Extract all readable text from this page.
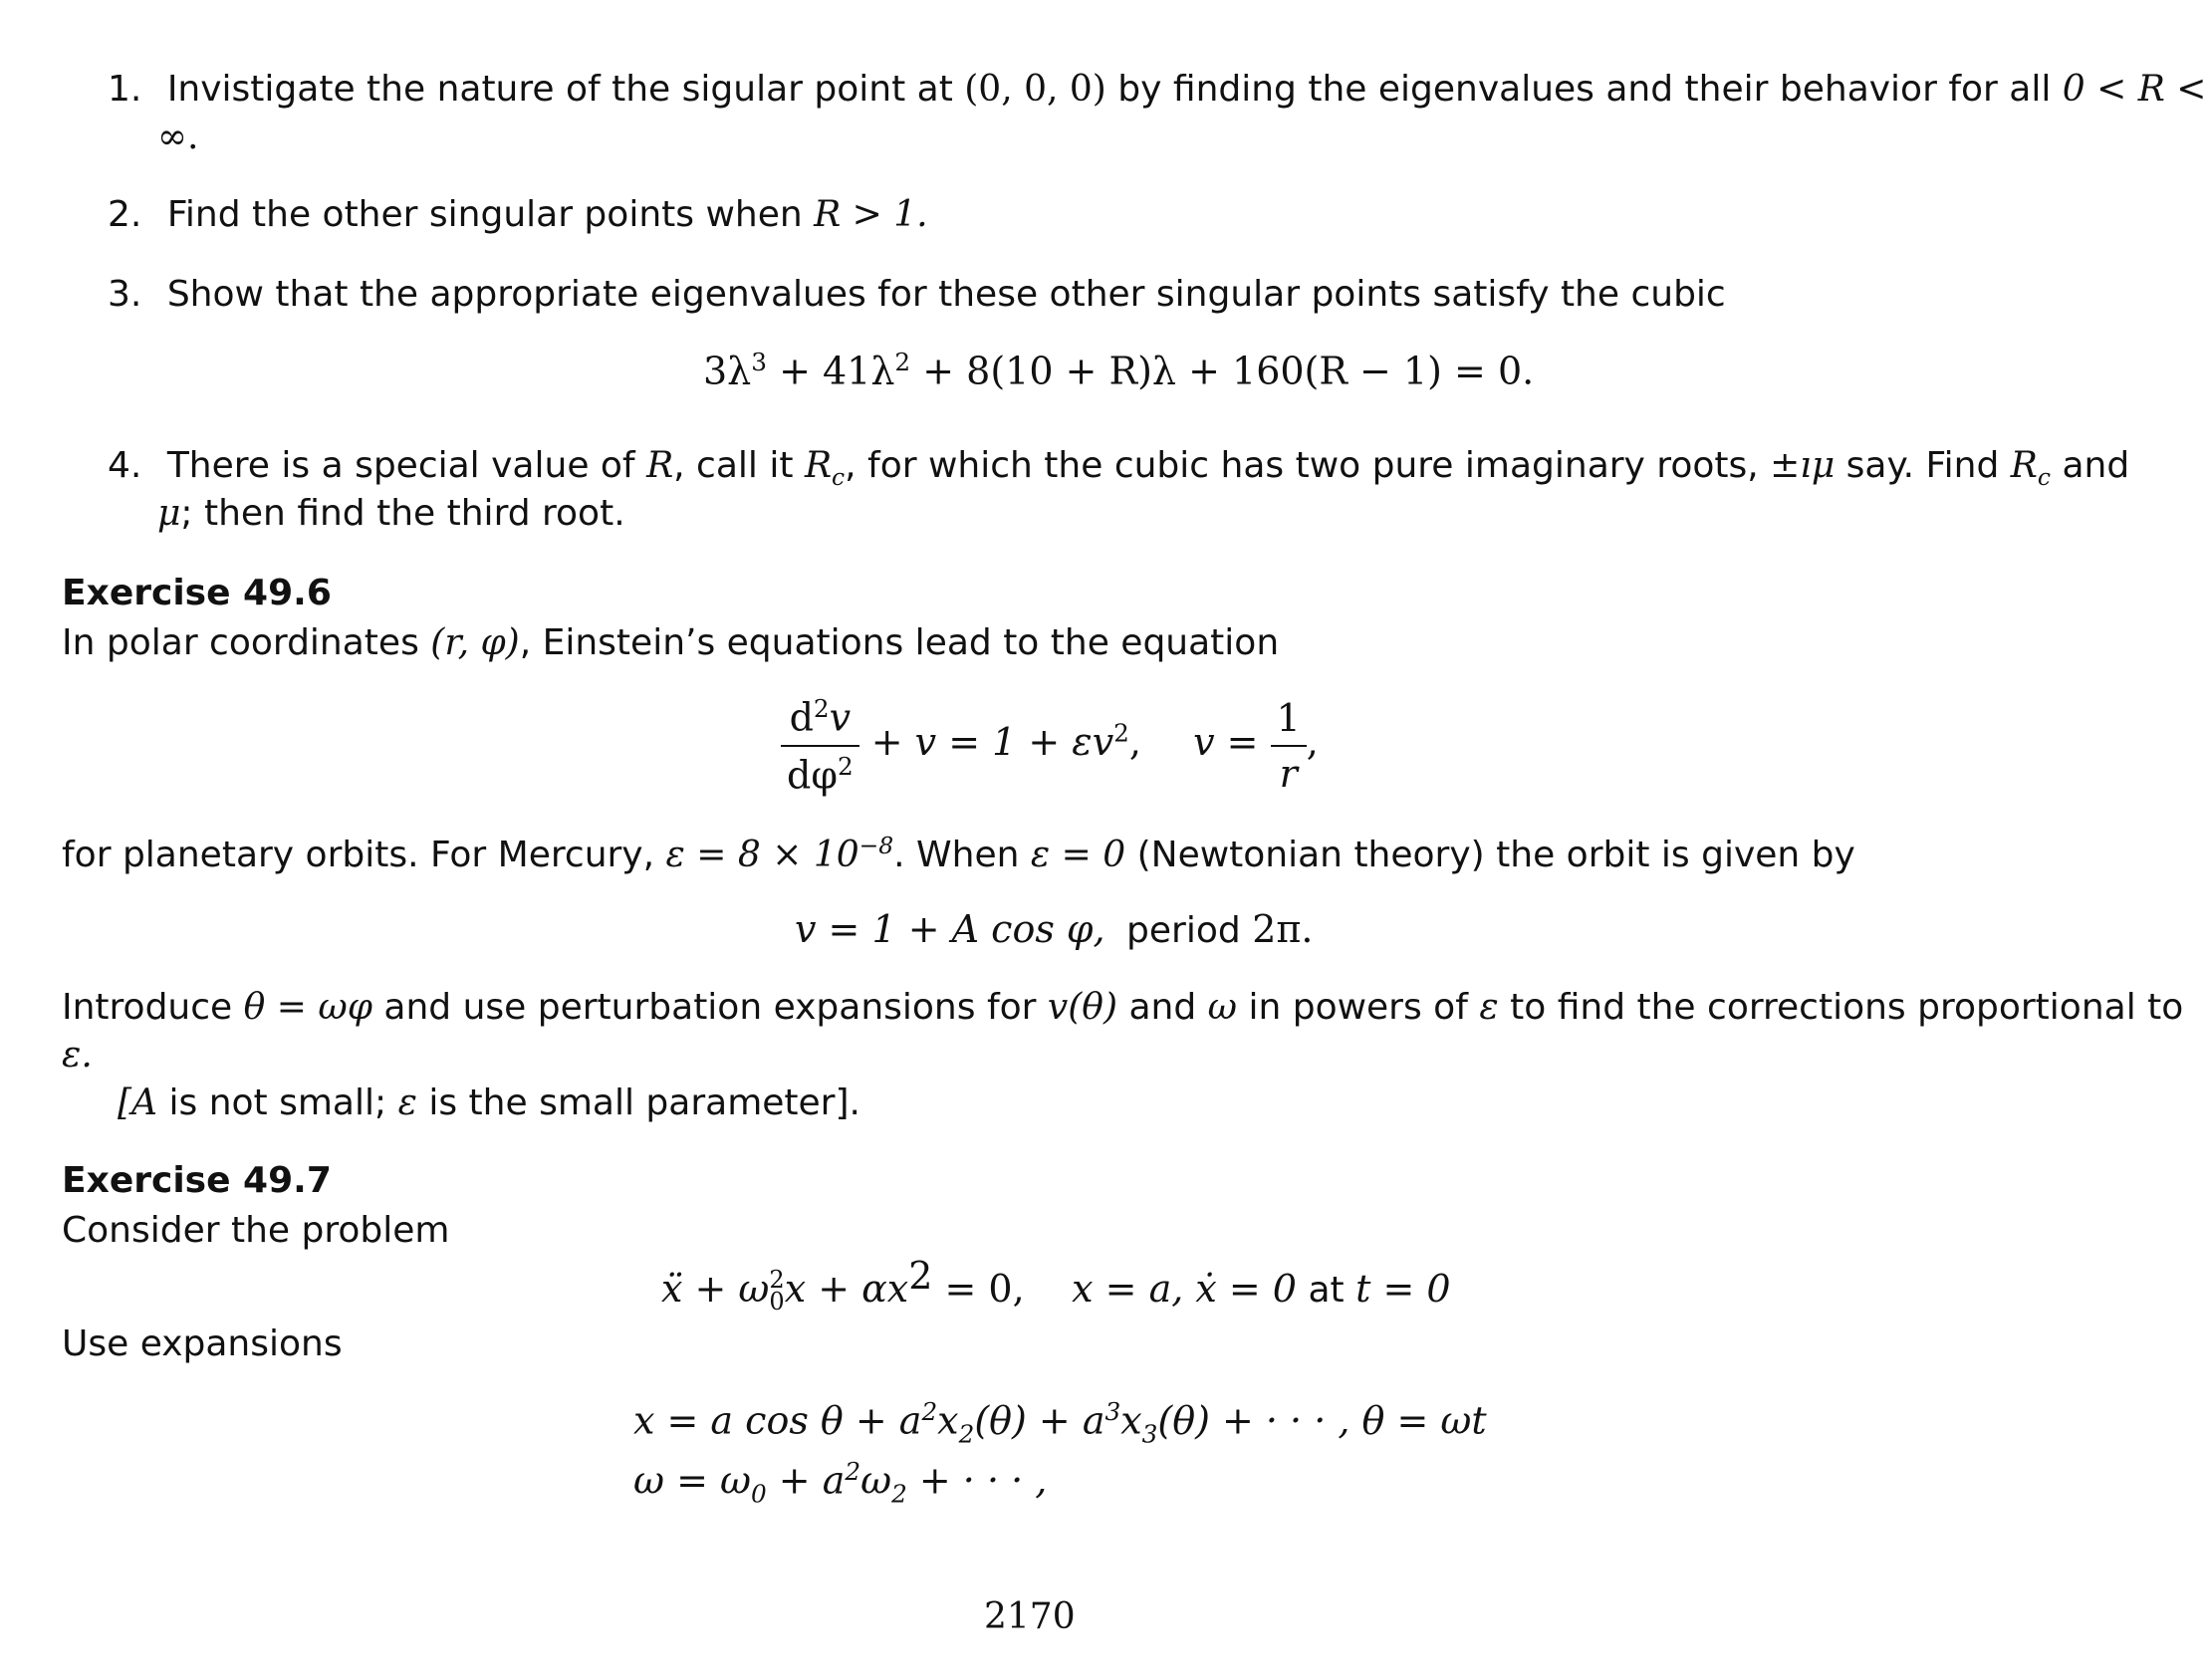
1. Invistigate the nature of the sigular point at (0, 0, 0) by finding the eigenvalues and their behavior for all 0 < R <
∞.
2. Find the other singular points when R > 1.
3. Show that the appropriate eigenvalues for these other singular points satisfy the cubic
$3\lambda^3 + 41\lambda^2 + 8(10 + R)\lambda + 160(R - 1) = 0$.
4. There is a special value of R, call it $R_c$, for which the cubic has two pure imaginary roots, ±ıμ say. Find $R_c$ and
μ; then find the third root.
Exercise 49.6
In polar coordinates (r, φ), Einstein’s equations lead to the equation
$\frac{d^2v}{d\varphi^2} + v = 1 + \varepsilon v^2$, $v = \frac{1}{r}$ ,
for planetary orbits. For Mercury, $\varepsilon = 8 \times 10^{-8}$. When ε = 0 (Newtonian theory) the orbit is given by
v = 1 + A cos φ, period 2π.
Introduce θ = ωφ and use perturbation expansions for v(θ) and ω in powers of ε to find the corrections proportional to
ε.
[A is not small; ε is the small parameter].
Exercise 49.7
Consider the problem
ẍ + ω 2
0 $x + \alpha x^2 = 0$, x = a, ẋ = 0 at t = 0
Use expansions
x = a $\cos \theta + a^2x_2(\theta) + a^3x_3(\theta)$ + · · · , θ = ωt
$\omega = \omega_0 + a^2\omega_2$ + · · · ,
2170
